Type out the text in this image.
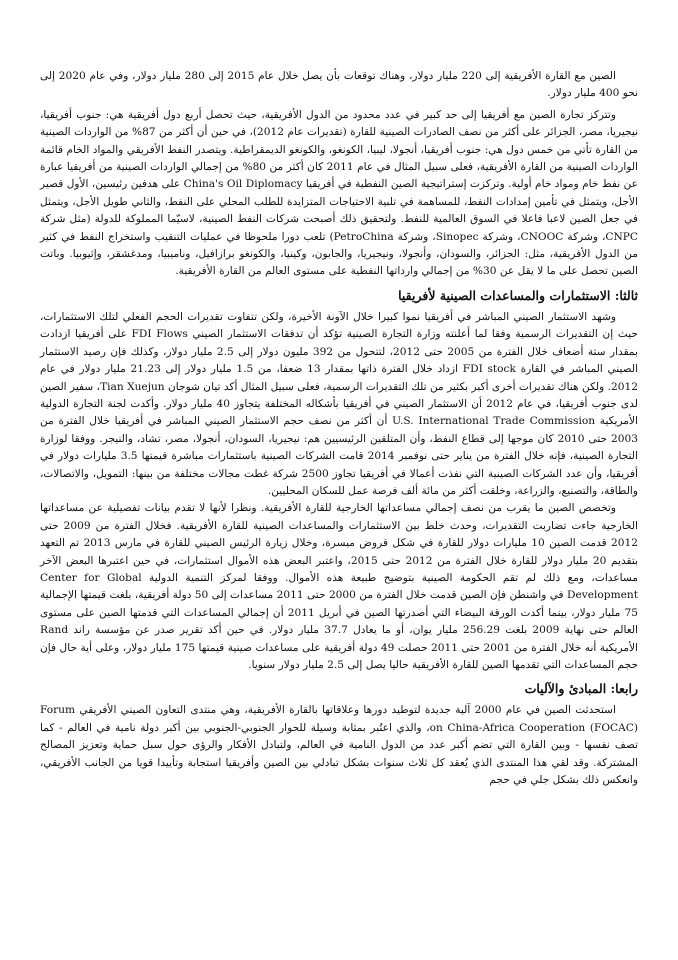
الصين مع القارة الأفريقية إلى 220 مليار دولار، وهناك توقعات بأن يصل خلال عام 2015 إلى 280 مليار دولار، وفي عام 2020 إلى نحو 400 مليار دولار.

وتتركز تجارة الصين مع أفريقيا إلى حد كبير في عدد محدود من الدول الأفريقية، حيث تحصل أربع دول أفريقية هي: جنوب أفريقيا، نيجيريا، مصر، الجزائر على أكثر من نصف الصادرات الصينية للقارة (تقديرات عام 2012)، في حين أن أكثر من 87% من الواردات الصينية من القارة تأتي من خمس دول هي: جنوب أفريقيا، أنجولا، ليبيا، الكونغو، والكونغو الديمقراطية. ويتصدر النفط الأفريقي والمواد الخام قائمة الواردات الصينية من القارة الأفريقية، فعلى سبيل المثال في عام 2011 كان أكثر من 80% من إجمالي الواردات الصينية من أفريقيا عبارة عن نفط خام ومواد خام أولية. وتركزت إستراتيجية الصين النفطية في أفريقيا China's Oil Diplomacy على هدفين رئيسين، الأول قصير الأجل، ويتمثل في تأمين إمدادات النفط، للمساهمة في تلبية الاحتياجات المتزايدة للطلب المحلي على النفط، والثاني طويل الأجل، ويتمثل في جعل الصين لاعبا فاعلا في السوق العالمية للنفط. ولتحقيق ذلك أصبحت شركات النفط الصينية، لاسيّما المملوكة للدولة (مثل شركة CNPC، وشركة CNOOC، وشركة Sinopec، وشركة PetroChina) تلعب دورا ملحوظا في عمليات التنقيب واستخراج النفط في كثير من الدول الأفريقية، مثل: الجزائر، والسودان، وأنجولا، ونيجيريا، والجابون، وكينيا، والكونغو برازافيل، وناميبيا، ومدغشقر، وإثيوبيا. وباتت الصين تحصل على ما لا يقل عن 30% من إجمالي وارداتها النفطية على مستوى العالم من القارة الأفريقية.

ثالثا: الاستثمارات والمساعدات الصينية لأفريقيا

وشهد الاستثمار الصيني المباشر في أفريقيا نموا كبيرا خلال الآونة الأخيرة، ولكن تتفاوت تقديرات الحجم الفعلي لتلك الاستثمارات، حيث إن التقديرات الرسمية وفقا لما أعلنته وزارة التجارة الصينية تؤكد أن تدفقات الاستثمار الصيني FDI Flows على أفريقيا ازدادت بمقدار ستة أضعاف خلال الفترة من 2005 حتى 2012، لتتحول من 392 مليون دولار إلى 2.5 مليار دولار، وكذلك فإن رصيد الاستثمار الصيني المباشر في القارة FDI stock ازداد خلال الفترة ذاتها بمقدار 13 ضعفا، من 1.5 مليار دولار إلى 21.23 مليار دولار في عام 2012. ولكن هناك تقديرات أخرى أكبر بكثير من تلك التقديرات الرسمية، فعلى سبيل المثال أكد تيان شوجان Tian Xuejun، سفير الصين لدى جنوب أفريقيا، في عام 2012 أن الاستثمار الصيني في أفريقيا بأشكاله المختلفة يتجاوز 40 مليار دولار. وأكدت لجنة التجارة الدولية الأمريكية U.S. International Trade Commission أن أكثر من نصف حجم الاستثمار الصيني المباشر في أفريقيا خلال الفترة من 2003 حتى 2010 كان موجها إلى قطاع النفط، وأن المتلقين الرئيسيين هم: نيجيريا، السودان، أنجولا، مصر، تشاد، والنيجر. ووفقا لوزارة التجارة الصينية، فإنه خلال الفترة من يناير حتى نوفمبر 2014 قامت الشركات الصينية باستثمارات مباشرة قيمتها 3.5 مليارات دولار في أفريقيا، وأن عدد الشركات الصينية التي نفذت أعمالا في أفريقيا تجاوز 2500 شركة غطت مجالات مختلفة من بينها: التمويل، والاتصالات، والطاقة، والتصنيع، والزراعة، وخلقت أكثر من مائة ألف فرصة عمل للسكان المحليين.

وتخصص الصين ما يقرب من نصف إجمالي مساعداتها الخارجية للقارة الأفريقية. ونظرا لأنها لا تقدم بيانات تفصيلية عن مساعداتها الخارجية جاءت تضاربت التقديرات، وحدث خلط بين الاستثمارات والمساعدات الصينية للقارة الأفريقية. فخلال الفترة من 2009 حتى 2012 قدمت الصين 10 مليارات دولار للقارة في شكل قروض ميسرة، وخلال زيارة الرئيس الصيني للقارة في مارس 2013 تم التعهد بتقديم 20 مليار دولار للقارة خلال الفترة من 2012 حتى 2015، واعتبر البعض هذه الأموال استثمارات، في حين اعتبرها البعض الآخر مساعدات، ومع ذلك لم تقم الحكومة الصينية بتوضيح طبيعة هذه الأموال. ووفقا لمركز التنمية الدولية Center for Global Development في واشنطن فإن الصين قدمت خلال الفترة من 2000 حتى 2011 مساعدات إلى 50 دولة أفريقية، بلغت قيمتها الإجمالية 75 مليار دولار، بينما أكدت الورقة البيضاء التي أصدرتها الصين في أبريل 2011 أن إجمالي المساعدات التي قدمتها الصين على مستوى العالم حتى نهاية 2009 بلغت 256.29 مليار يوان، أو ما يعادل 37.7 مليار دولار. في حين أكد تقرير صدر عن مؤسسة راند Rand الأمريكية أنه خلال الفترة من 2001 حتى 2011 حصلت 49 دولة أفريقية على مساعدات صينية قيمتها 175 مليار دولار، وعلى أية حال فإن حجم المساعدات التي تقدمها الصين للقارة الأفريقية حاليا يصل إلى 2.5 مليار دولار سنويا.

رابعا: المبادئ والآليات

استحدثت الصين في عام 2000 آلية جديدة لتوطيد دورها وعلاقاتها بالقارة الأفريقية، وهي منتدى التعاون الصيني الأفريقي Forum on China-Africa Cooperation (FOCAC)، والذي اعتُبر بمثابة وسيلة للحوار الجنوبي-الجنوبي بين أكبر دولة نامية في العالم - كما تصف نفسها - وبين القارة التي تضم أكبر عدد من الدول النامية في العالم، ولتبادل الأفكار والرؤى حول سبل حماية وتعزيز المصالح المشتركة. وقد لقي هذا المنتدى الذي يُعقد كل ثلاث سنوات بشكل تبادلي بين الصين وأفريقيا استجابة وتأييدا قويا من الجانب الأفريقي، وانعكس ذلك بشكل جلي في حجم
